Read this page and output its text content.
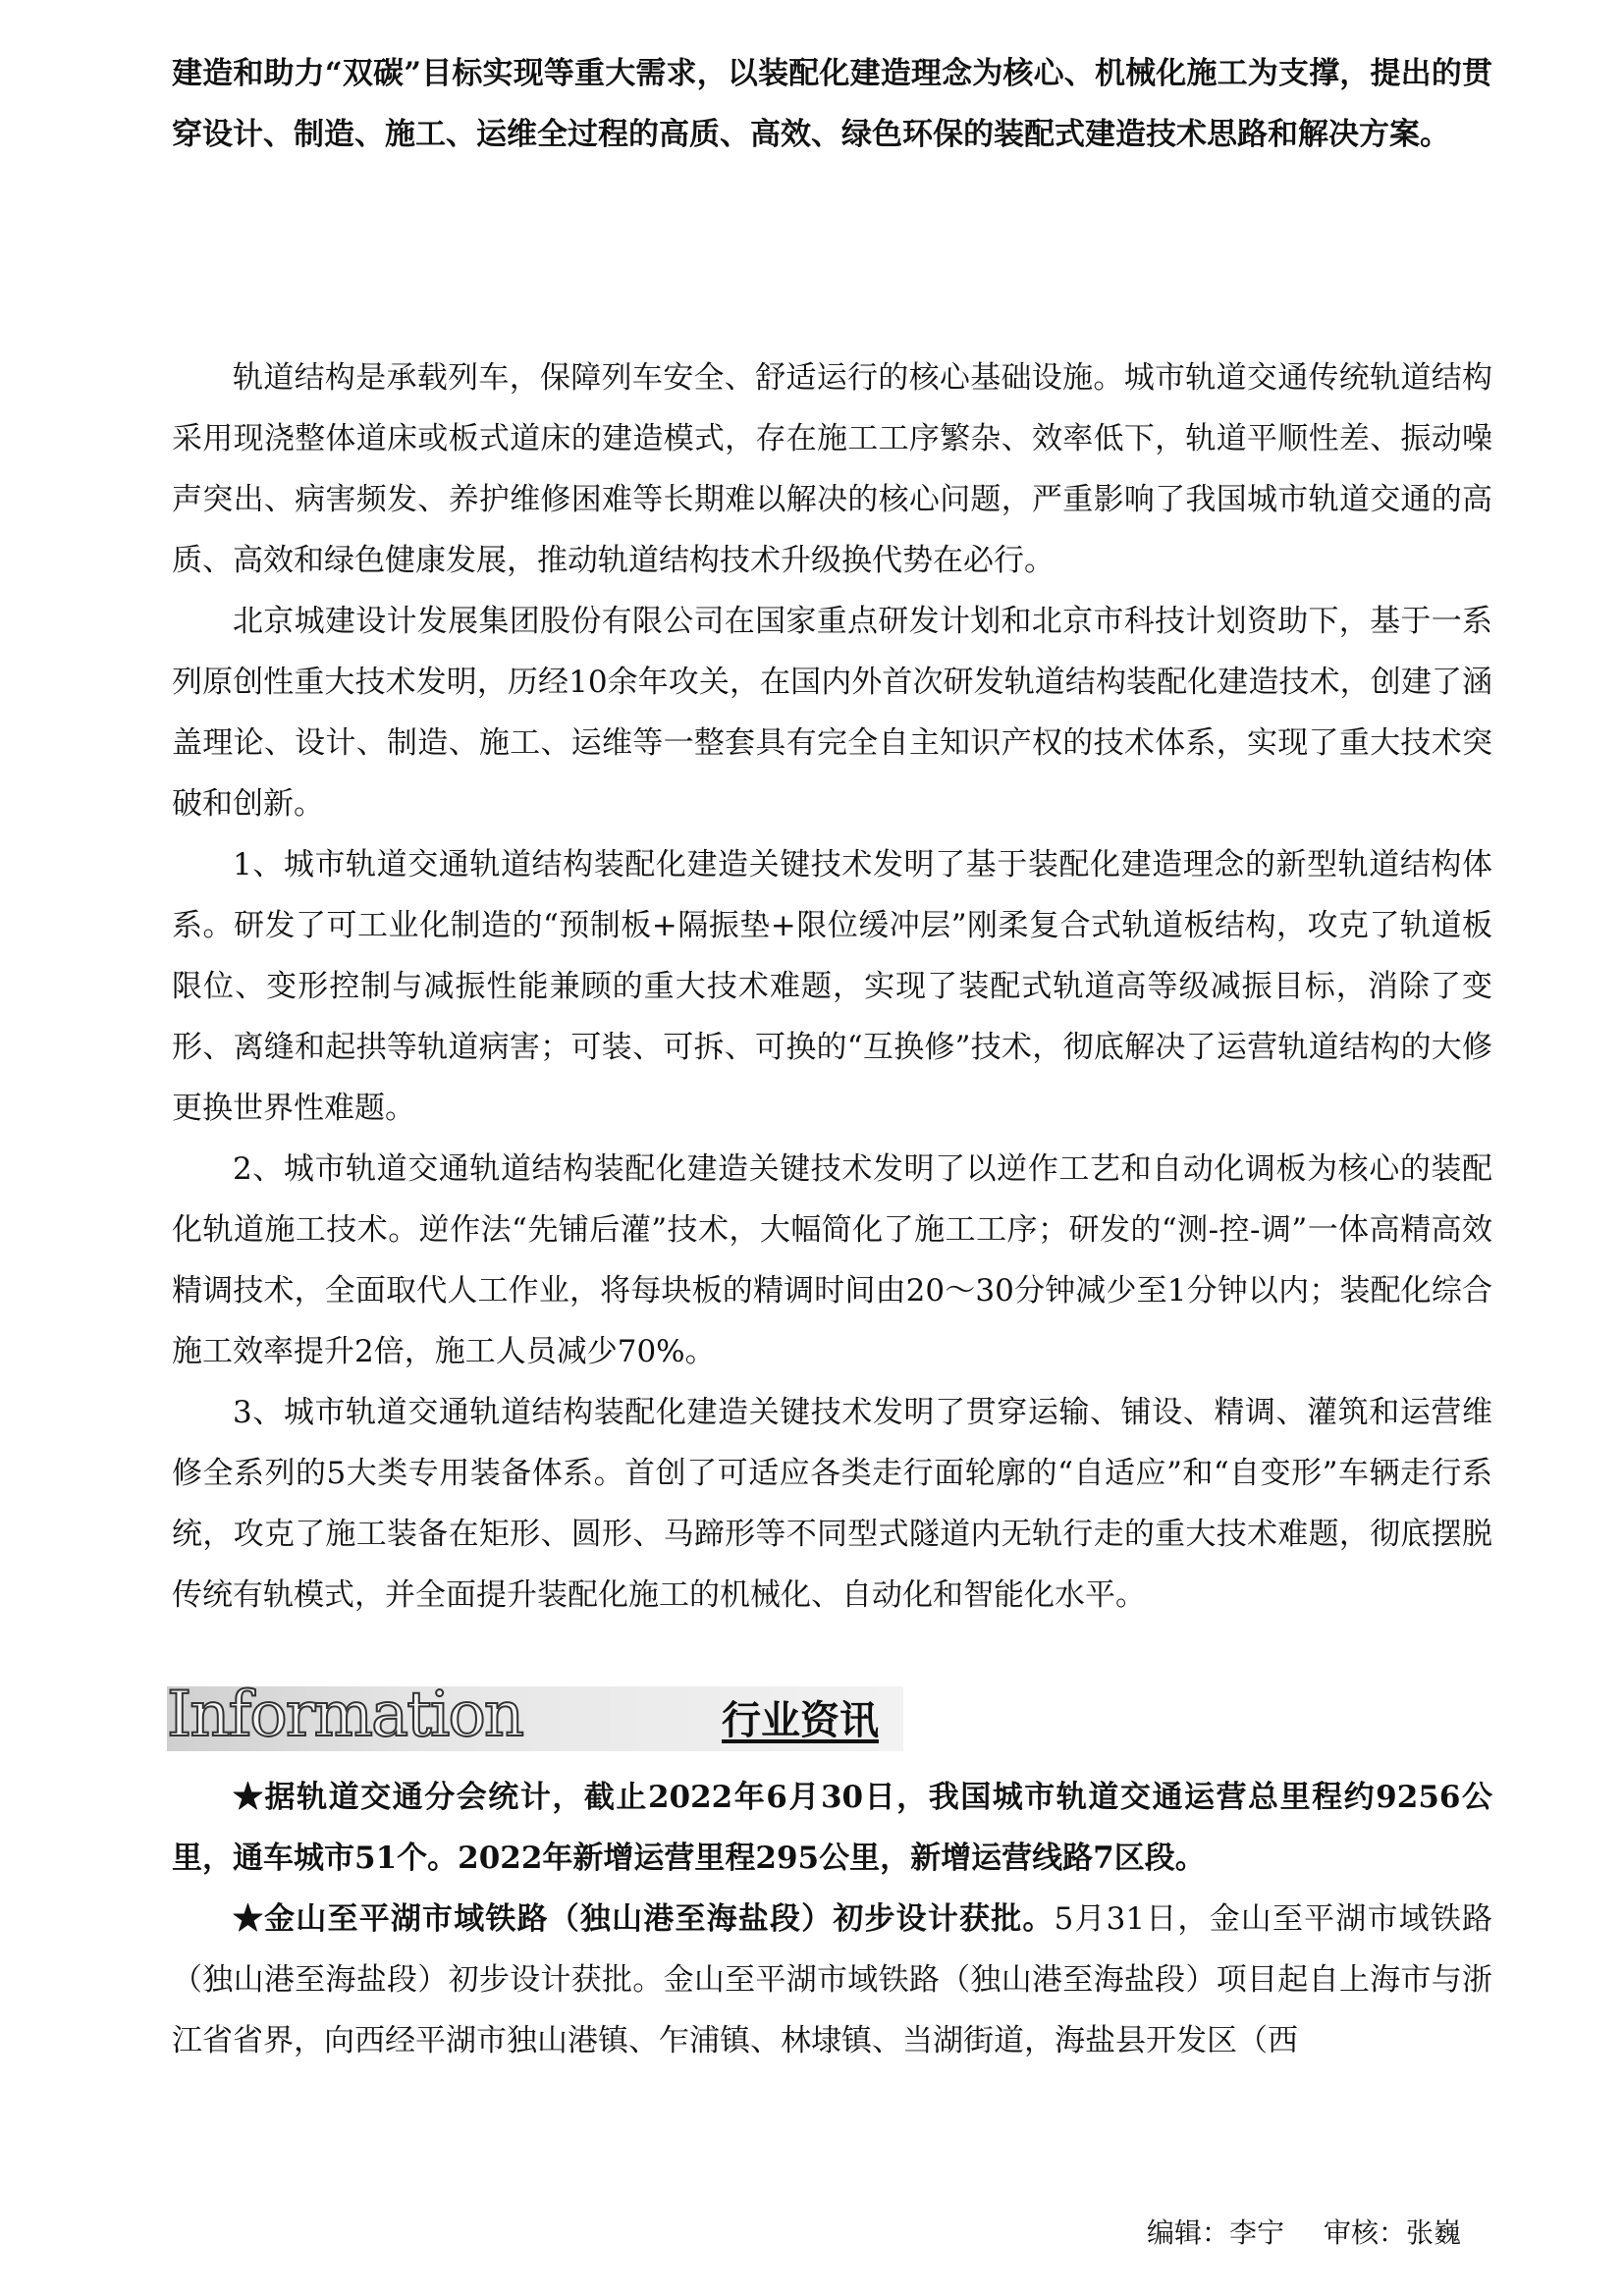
建造和助力“双碳”目标实现等重大需求，以装配化建造理念为核心、机械化施工为支撑，提出的贯穿设计、制造、施工、运维全过程的高质、高效、绿色环保的装配式建造技术思路和解决方案。

轨道结构是承载列车，保障列车安全、舒适运行的核心基础设施。城市轨道交通传统轨道结构采用现浇整体道床或板式道床的建造模式，存在施工工序繁杂、效率低下，轨道平顺性差、振动噪声突出、病害频发、养护维修困难等长期难以解决的核心问题，严重影响了我国城市轨道交通的高质、高效和绿色健康发展，推动轨道结构技术升级换代势在必行。

北京城建设计发展集团股份有限公司在国家重点研发计划和北京市科技计划资助下，基于一系列原创性重大技术发明，历经10余年攻关，在国内外首次研发轨道结构装配化建造技术，创建了涵盖理论、设计、制造、施工、运维等一整套具有完全自主知识产权的技术体系，实现了重大技术突破和创新。

1、城市轨道交通轨道结构装配化建造关键技术发明了基于装配化建造理念的新型轨道结构体系。研发了可工业化制造的“预制板+隔振垫+限位缓冲层”刚柔复合式轨道板结构，攻克了轨道板限位、变形控制与减振性能兼顾的重大技术难题，实现了装配式轨道高等级减振目标，消除了变形、离缝和起拱等轨道病害；可装、可拆、可换的“互换修”技术，彻底解决了运营轨道结构的大修更换世界性难题。

2、城市轨道交通轨道结构装配化建造关键技术发明了以逆作工艺和自动化调板为核心的装配化轨道施工技术。逆作法“先铺后灌”技术，大幅简化了施工工序；研发的“测-控-调”一体高精高效精调技术，全面取代人工作业，将每块板的精调时间由20～30分钟减少至1分钟以内；装配化综合施工效率提升2倍，施工人员减少70%。

3、城市轨道交通轨道结构装配化建造关键技术发明了贯穿运输、铺设、精调、灌筑和运营维修全系列的5大类专用装备体系。首创了可适应各类走行面轮廓的“自适应”和“自变形”车辆走行系统，攻克了施工装备在矩形、圆形、马蹄形等不同型式隧道内无轨行走的重大技术难题，彻底摆脱传统有轨模式，并全面提升装配化施工的机械化、自动化和智能化水平。

Information	行业资讯

★据轨道交通分会统计，截止2022年6月30日，我国城市轨道交通运营总里程约9256公里，通车城市51个。2022年新增运营里程295公里，新增运营线路7区段。

★金山至平湖市域铁路（独山港至海盐段）初步设计获批。5月31日，金山至平湖市域铁路（独山港至海盐段）初步设计获批。金山至平湖市域铁路（独山港至海盐段）项目起自上海市与浙江省省界，向西经平湖市独山港镇、乍浦镇、林埭镇、当湖街道，海盐县开发区（西

编辑：李宁 审核：张巍
